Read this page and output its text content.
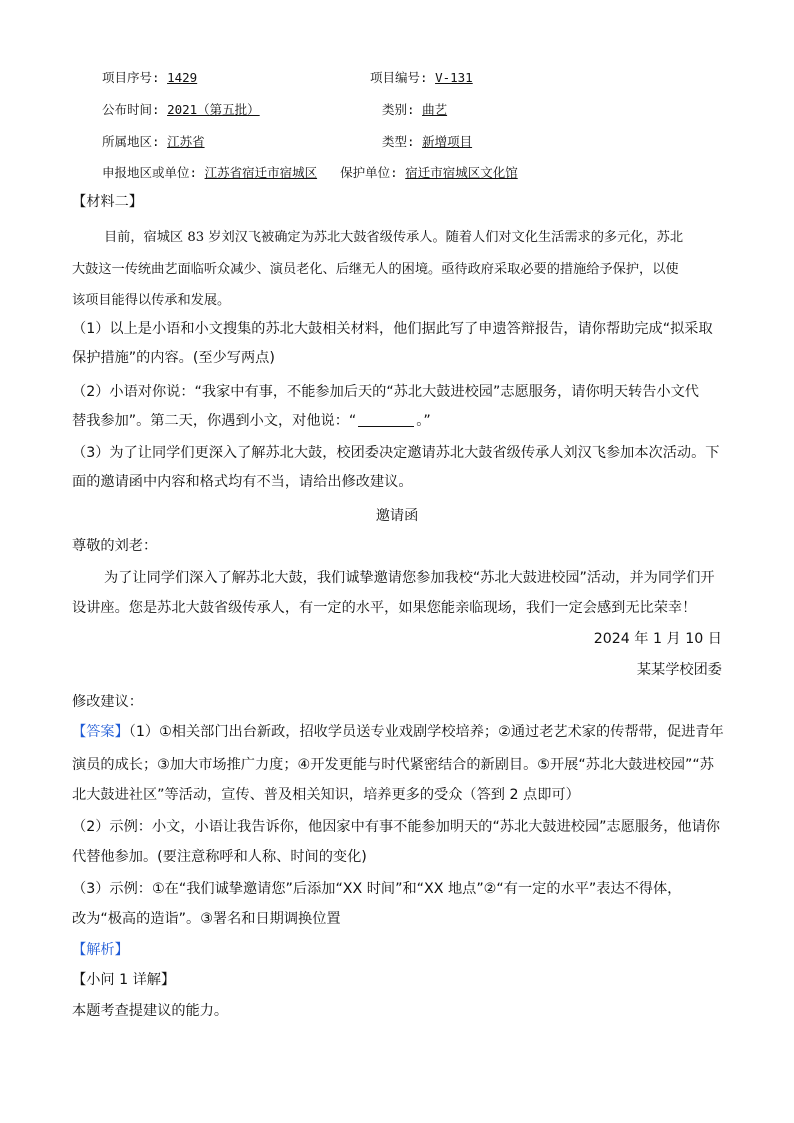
项目序号: 1429	项目编号: V-131
公布时间: 2021（第五批）	类别: 曲艺
所属地区: 江苏省	类型: 新增项目
申报地区或单位: 江苏省宿迁市宿城区 保护单位: 宿迁市宿城区文化馆
【材料二】
目前，宿城区 83 岁刘汉飞被确定为苏北大鼓省级传承人。随着人们对文化生活需求的多元化，苏北
大鼓这一传统曲艺面临听众减少、演员老化、后继无人的困境。亟待政府采取必要的措施给予保护，以使
该项目能得以传承和发展。
（1）以上是小语和小文搜集的苏北大鼓相关材料，他们据此写了申遗答辩报告，请你帮助完成“拟采取
保护措施”的内容。(至少写两点)
（2）小语对你说：“我家中有事，不能参加后天的“苏北大鼓进校园”志愿服务，请你明天转告小文代
替我参加”。第二天，你遇到小文，对他说：“	。”
（3）为了让同学们更深入了解苏北大鼓，校团委决定邀请苏北大鼓省级传承人刘汉飞参加本次活动。下
面的邀请函中内容和格式均有不当，请给出修改建议。
邀请函
尊敬的刘老：
为了让同学们深入了解苏北大鼓，我们诚挚邀请您参加我校“苏北大鼓进校园”活动，并为同学们开
设讲座。您是苏北大鼓省级传承人，有一定的水平，如果您能亲临现场，我们一定会感到无比荣幸！
2024 年 1 月 10 日
某某学校团委
修改建议：
【答案】（1）①相关部门出台新政，招收学员送专业戏剧学校培养；②通过老艺术家的传帮带，促进青年
演员的成长；③加大市场推广力度；④开发更能与时代紧密结合的新剧目。⑤开展“苏北大鼓进校园”“苏
北大鼓进社区”等活动，宣传、普及相关知识，培养更多的受众（答到 2 点即可）
（2）示例：小文，小语让我告诉你，他因家中有事不能参加明天的“苏北大鼓进校园”志愿服务，他请你
代替他参加。(要注意称呼和人称、时间的变化)
（3）示例：①在“我们诚挚邀请您”后添加“XX 时间”和“XX 地点”②“有一定的水平”表达不得体，
改为“极高的造诣”。③署名和日期调换位置
【解析】
【小问 1 详解】
本题考查提建议的能力。
